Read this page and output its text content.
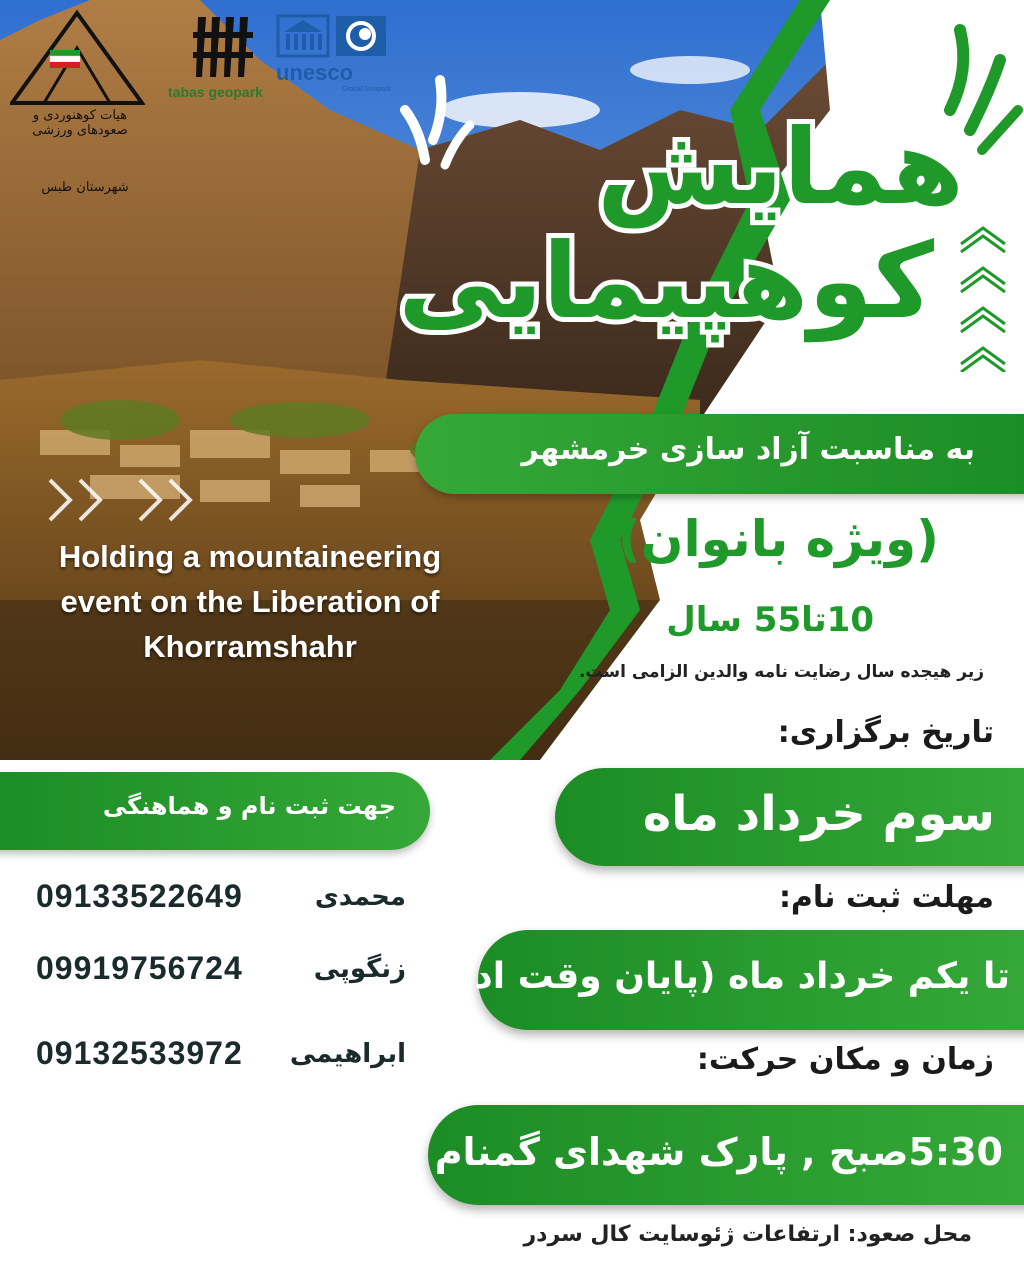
هیات کوهنوردی و صعودهای ورزشی
شهرستان طبس
tabas geopark
unesco
Global Geopark
همایش
کوهپیمایی
به مناسبت آزاد سازی خرمشهر
Holding a mountaineering event on the Liberation of Khorramshahr
(ویژه بانوان)
10تا55 سال
زیر هیجده سال رضایت نامه والدین الزامی است.
تاریخ برگزاری:
سوم خرداد ماه
مهلت ثبت نام:
تا یکم خرداد ماه (پایان وقت اداری)
زمان و مکان حرکت:
5:30صبح , پارک شهدای گمنام
جهت ثبت نام و هماهنگی
09133522649	محمدی
09919756724	زنگوپی
09132533972 ابراهیمی
محل صعود: ارتفاعات ژئوسایت کال سردر
